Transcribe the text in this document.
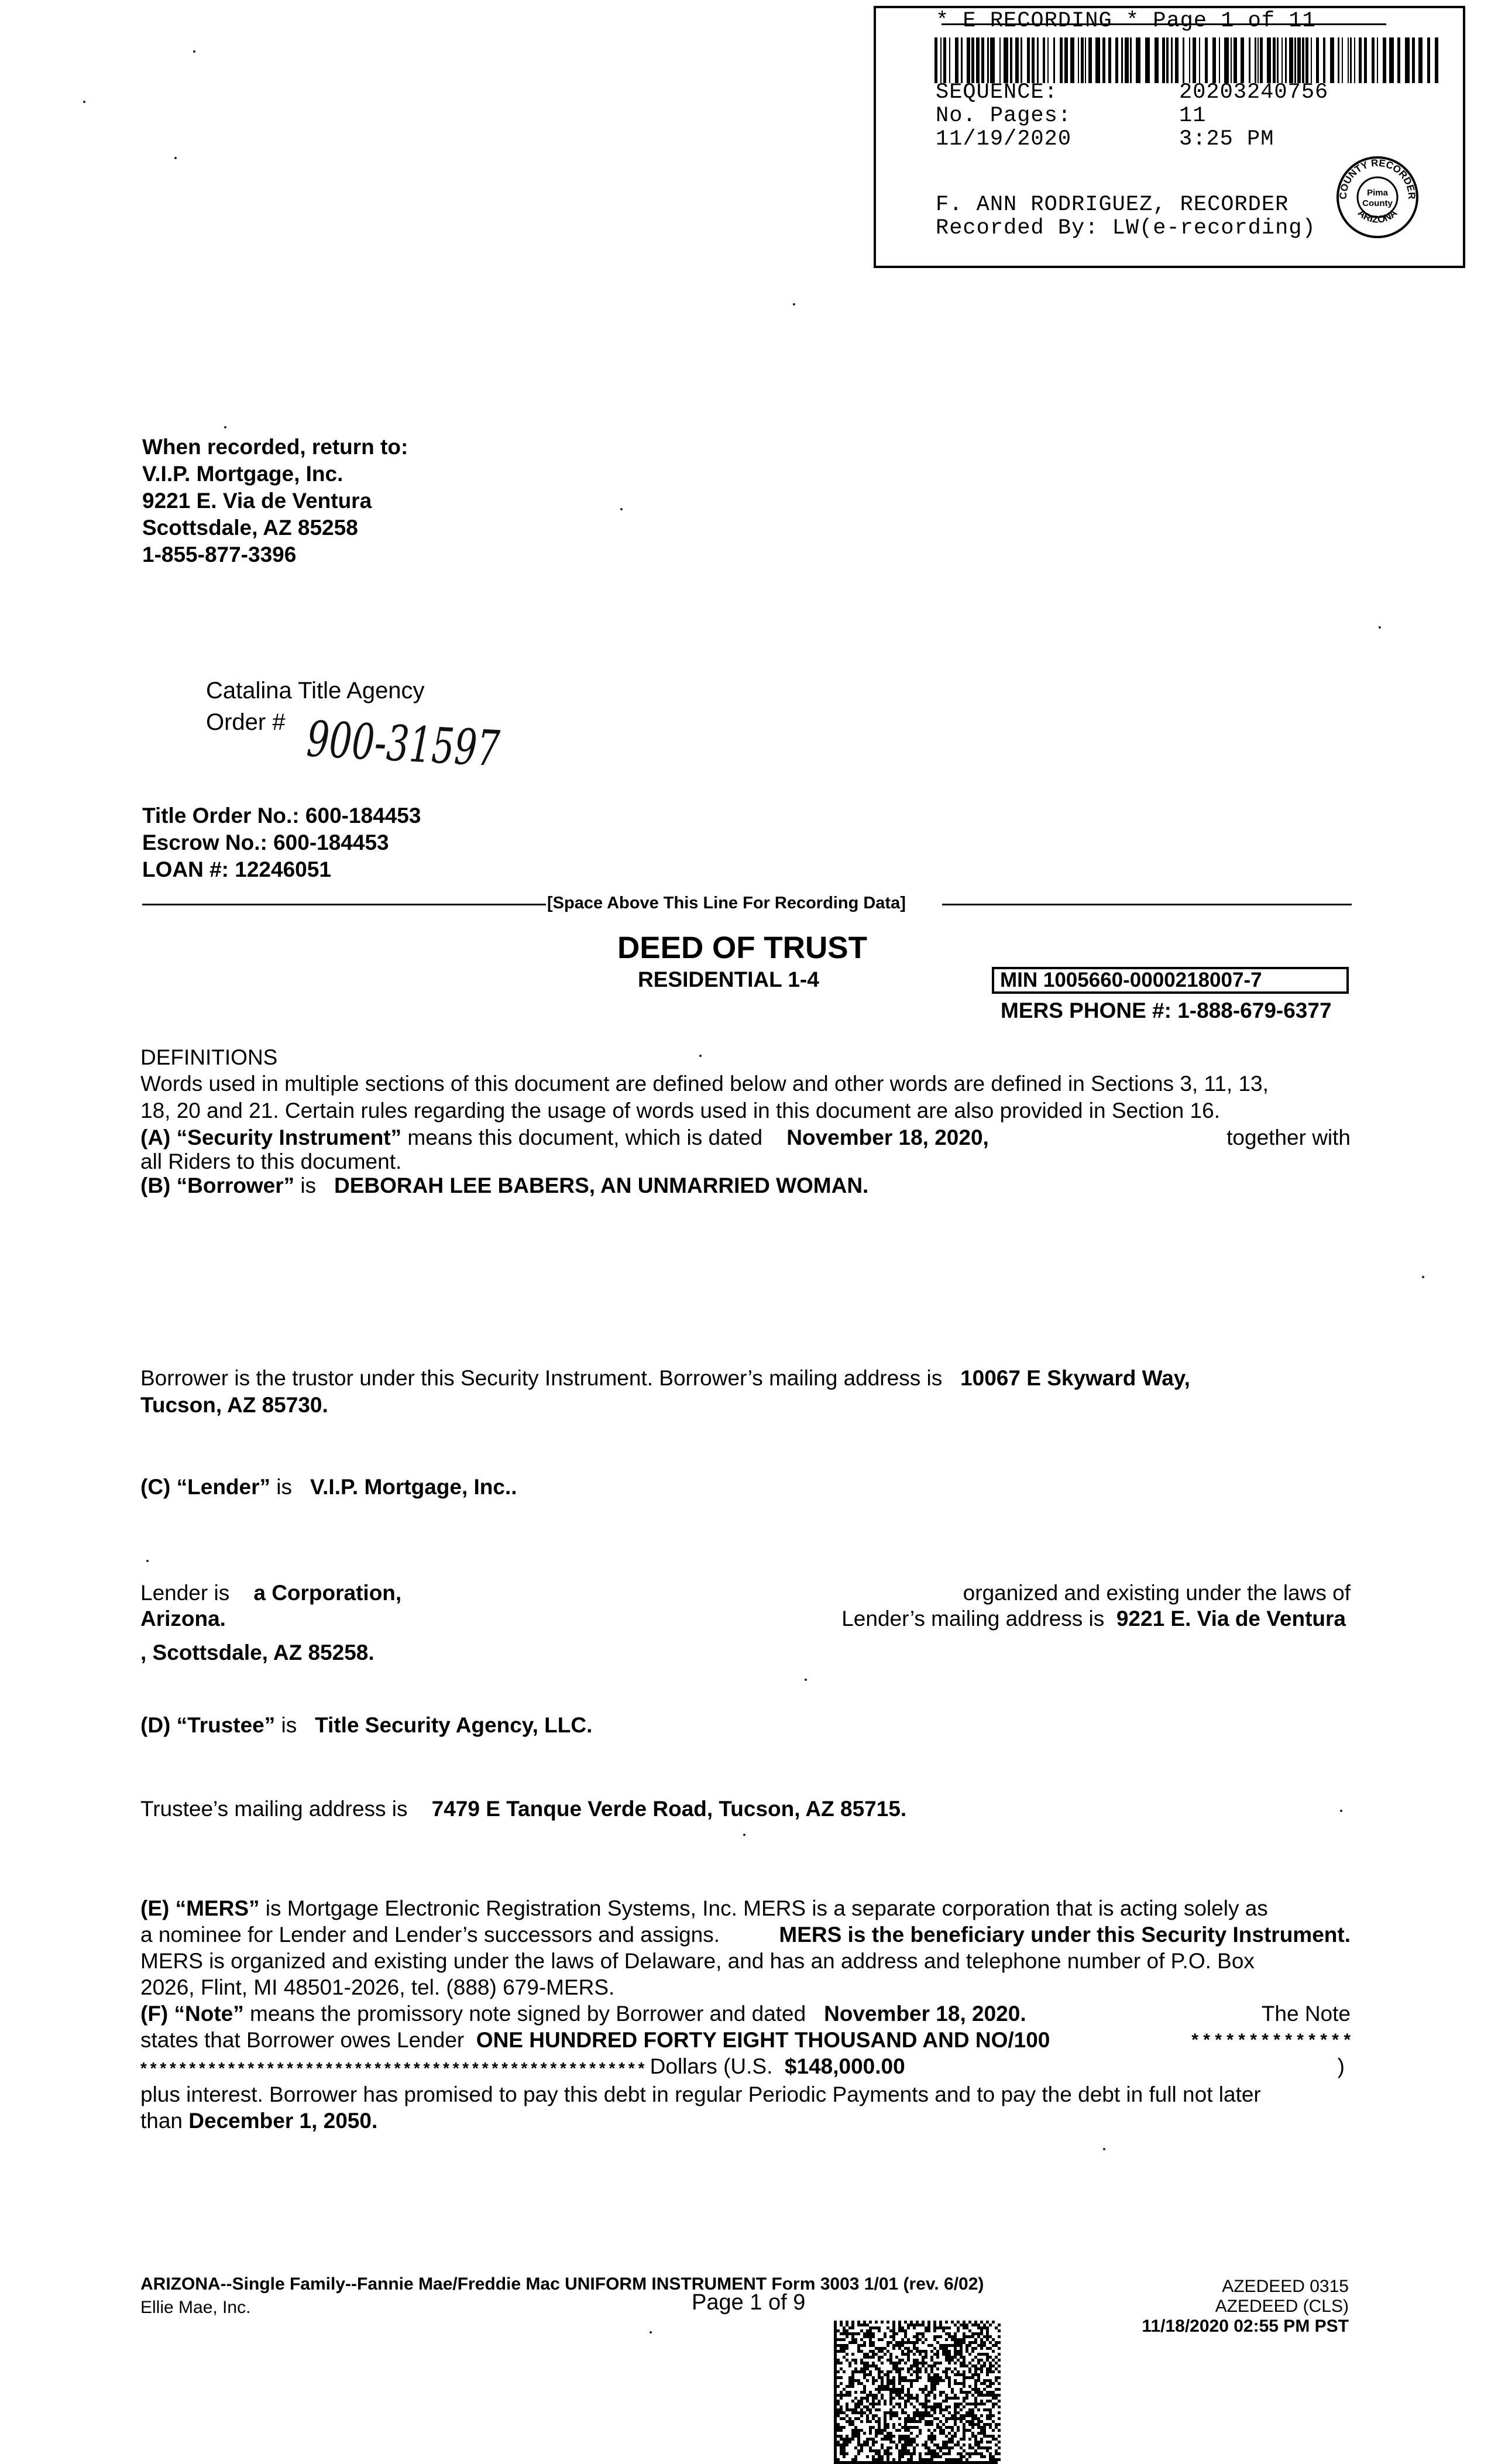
* E RECORDING * Page 1 of 11
SEQUENCE:	20203240756
No. Pages:	11
11/19/2020	3:25 PM
F. ANN RODRIGUEZ, RECORDER
Recorded By: LW(e-recording)
COUNTY RECORDER
ARIZONA
Pima
County
When recorded, return to:
V.I.P. Mortgage, Inc.
9221 E. Via de Ventura
Scottsdale, AZ 85258
1-855-877-3396
Catalina Title Agency
Order # 900-31597
Title Order No.: 600-184453
Escrow No.: 600-184453
LOAN #: 12246051
[Space Above This Line For Recording Data]
DEED OF TRUST
RESIDENTIAL 1-4	MIN 1005660-0000218007-7
MERS PHONE #: 1-888-679-6377
DEFINITIONS
Words used in multiple sections of this document are defined below and other words are defined in Sections 3, 11, 13,
18, 20 and 21. Certain rules regarding the usage of words used in this document are also provided in Section 16.
(A) “Security Instrument” means this document, which is dated November 18, 2020,	together with
all Riders to this document.
(B) “Borrower” is DEBORAH LEE BABERS, AN UNMARRIED WOMAN.
Borrower is the trustor under this Security Instrument. Borrower’s mailing address is 10067 E Skyward Way,
Tucson, AZ 85730.
(C) “Lender” is V.I.P. Mortgage, Inc..
Lender is a Corporation,	organized and existing under the laws of
Arizona.	Lender’s mailing address is 9221 E. Via de Ventura
, Scottsdale, AZ 85258.
(D) “Trustee” is Title Security Agency, LLC.
Trustee’s mailing address is 7479 E Tanque Verde Road, Tucson, AZ 85715.
(E) “MERS” is Mortgage Electronic Registration Systems, Inc. MERS is a separate corporation that is acting solely as
a nominee for Lender and Lender’s successors and assigns.	MERS is the beneficiary under this Security Instrument.
MERS is organized and existing under the laws of Delaware, and has an address and telephone number of P.O. Box
2026, Flint, MI 48501-2026, tel. (888) 679-MERS.
(F) “Note” means the promissory note signed by Borrower and dated November 18, 2020.	The Note
states that Borrower owes Lender ONE HUNDRED FORTY EIGHT THOUSAND AND NO/100	* * * * * * * * * * * * * *
* * * * * * * * * * * * * * * * * * * * * * * * * * * * * * * * * * * * * * * * * * * * * * * * * * * * Dollars (U.S. $148,000.00	)
plus interest. Borrower has promised to pay this debt in regular Periodic Payments and to pay the debt in full not later
than December 1, 2050.
ARIZONA--Single Family--Fannie Mae/Freddie Mac UNIFORM INSTRUMENT Form 3003 1/01 (rev. 6/02)
Ellie Mae, Inc.	Page 1 of 9
AZEDEED 0315
AZEDEED (CLS)
11/18/2020 02:55 PM PST
